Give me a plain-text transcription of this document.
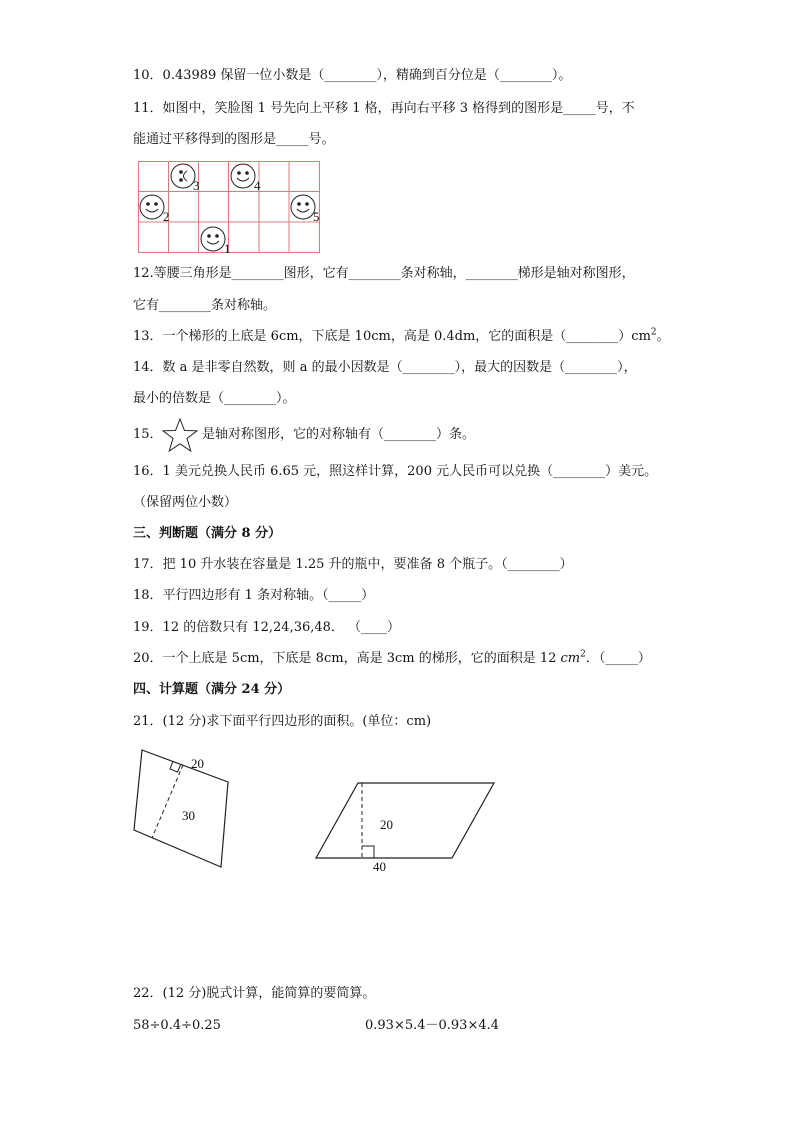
10．0.43989 保留一位小数是（________），精确到百分位是（________）。
11．如图中，笑脸图 1 号先向上平移 1 格，再向右平移 3 格得到的图形是_____号，不
能通过平移得到的图形是_____号。
1
2
3	4
5
12.等腰三角形是________图形，它有________条对称轴，________梯形是轴对称图形，
它有________条对称轴。
13．一个梯形的上底是 6cm，下底是 10cm，高是 0.4dm，它的面积是$(\_\_\_\_\_\_\_\_)cm^2$。
14．数 a 是非零自然数，则 a 的最小因数是（________），最大的因数是（________），
最小的倍数是（________）。
15．	是轴对称图形，它的对称轴有（________）条。
16．1 美元兑换人民币 6.65 元，照这样计算，200 元人民币可以兑换（________）美元。
（保留两位小数）
三、判断题（满分 8 分）
17．把 10 升水装在容量是 1.25 升的瓶中，要准备 8 个瓶子。（________）
18．平行四边形有 1 条对称轴。（_____）
19．12 的倍数只有 12,24,36,48． （____）
20．一个上底是 5cm，下底是 8cm，高是 3cm 的梯形，它的面积是 12 $cm^2$．（_____）
四、计算题（满分 24 分）
21．(12 分)求下面平行四边形的面积。(单位：cm)
20
30
20
40
22．(12 分)脱式计算，能简算的要简算。
58÷0.4÷0.25	0.93×5.4－0.93×4.4
